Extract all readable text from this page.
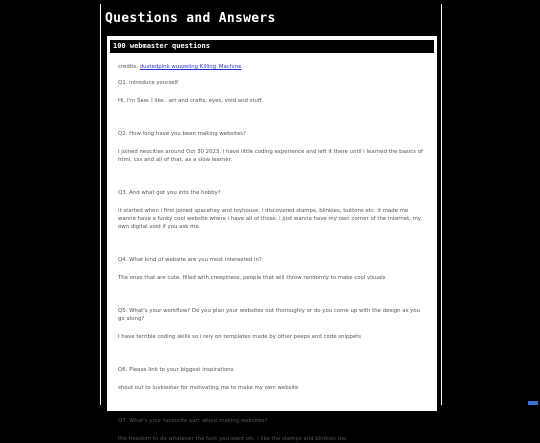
Questions and Answers
100 webmaster questions
credits: dustedpink wuzzeling Killing_Machine
Q1. introduce yourself
Hi, I'm Saw. I like.. art and crafts, eyes, void and stuff.
Q2. How long have you been making websites?
I joined neocities around Oct 30 2023. i have little coding experience and left it there until i learned the basics of html, css and all of that, as a slow learner.
Q3. And what got you into the hobby?
it started when i first joined spacehey and toyhouse, i discovered stamps, blinkies, buttons etc. it made me wanna have a funky cool website where i have all of those. i just wanna have my own corner of the internet, my own digital void if you ask me.
Q4. What kind of website are you most interested in?
The ones that are cute, filled with creepiness, people that will throw randomly to make cool visuals
Q5. What's your workflow? Do you plan your websites out thoroughly or do you come up with the design as you go along?
I have terrible coding skills so i rely on templates made by other peeps and code snippets
Q6. Please link to your biggest inspirations
shout out to luvkiestar for motivating me to make my own website
Q7. What's your favourite part about making websites?
the freedom to do whatever the fuck you want ofc, i like the stamps and blinkies too
